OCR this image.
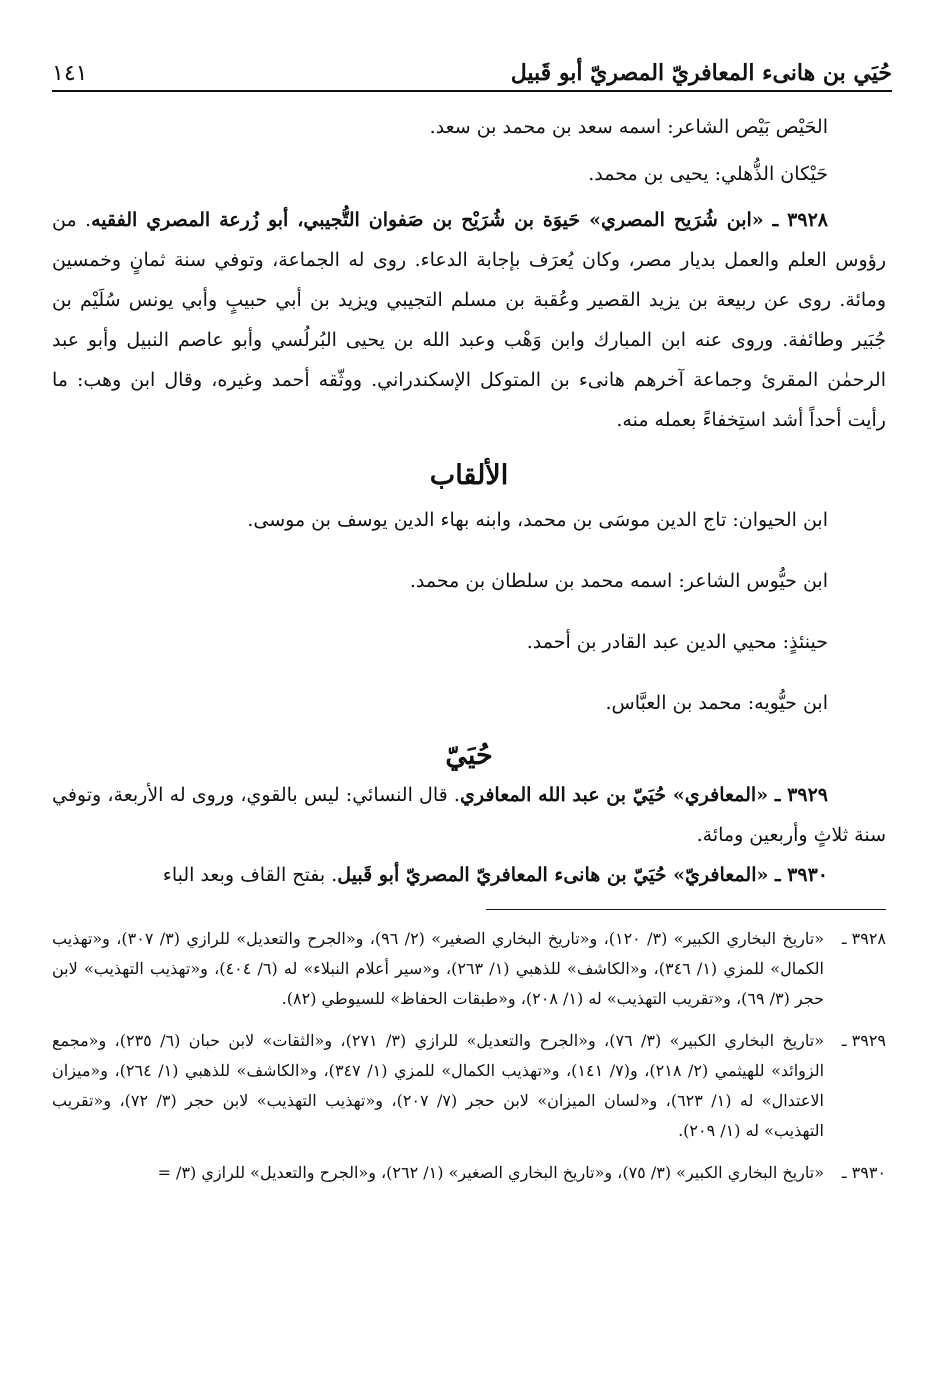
حُيَي بن هانىء المعافريّ المصريّ أبو قَبيل
١٤١

الحَيْص بَيْص الشاعر: اسمه سعد بن محمد بن سعد.

حَيْكان الذُّهلي: يحيى بن محمد.

٣٩٢٨ ـ «ابن شُرَيح المصري» حَيوَة بن شُرَيْح بن صَفوان التُّجيبي، أبو زُرعة المصري الفقيه. من رؤوس العلم والعمل بديار مصر، وكان يُعرَف بإجابة الدعاء. روى له الجماعة، وتوفي سنة ثمانٍ وخمسين ومائة. روى عن ربيعة بن يزيد القصير وعُقبة بن مسلم التجيبي ويزيد بن أبي حبيبٍ وأبي يونس سُلَيْم بن جُبَير وطائفة. وروى عنه ابن المبارك وابن وَهْب وعبد الله بن يحيى البُرلُسي وأبو عاصم النبيل وأبو عبد الرحمٰن المقرئ وجماعة آخرهم هانىء بن المتوكل الإسكندراني. ووثّقه أحمد وغيره، وقال ابن وهب: ما رأيت أحداً أشد استِخفاءً بعمله منه.

الألقاب

ابن الحيوان: تاج الدين موسَى بن محمد، وابنه بهاء الدين يوسف بن موسى.

ابن حيُّوس الشاعر: اسمه محمد بن سلطان بن محمد.

حينئذٍ: محيي الدين عبد القادر بن أحمد.

ابن حيُّويه: محمد بن العبَّاس.

حُيَيّ

٣٩٢٩ ـ «المعافري» حُيَيّ بن عبد الله المعافري. قال النسائي: ليس بالقوي، وروى له الأربعة، وتوفي سنة ثلاثٍ وأربعين ومائة.

٣٩٣٠ ـ «المعافريّ» حُيَيّ بن هانىء المعافريّ المصريّ أبو قَبيل. بفتح القاف وبعد الباء

٣٩٢٨ ـ
«تاريخ البخاري الكبير» (٣/ ١٢٠)، و«تاريخ البخاري الصغير» (٢/ ٩٦)، و«الجرح والتعديل» للرازي (٣/ ٣٠٧)، و«تهذيب الكمال» للمزي (١/ ٣٤٦)، و«الكاشف» للذهبي (١/ ٢٦٣)، و«سير أعلام النبلاء» له (٦/ ٤٠٤)، و«تهذيب التهذيب» لابن حجر (٣/ ٦٩)، و«تقريب التهذيب» له (١/ ٢٠٨)، و«طبقات الحفاظ» للسيوطي (٨٢).
٣٩٢٩ ـ
«تاريخ البخاري الكبير» (٣/ ٧٦)، و«الجرح والتعديل» للرازي (٣/ ٢٧١)، و«الثقات» لابن حبان (٦/ ٢٣٥)، و«مجمع الزوائد» للهيثمي (٢/ ٢١٨)، و(٧/ ١٤١)، و«تهذيب الكمال» للمزي (١/ ٣٤٧)، و«الكاشف» للذهبي (١/ ٢٦٤)، و«ميزان الاعتدال» له (١/ ٦٢٣)، و«لسان الميزان» لابن حجر (٧/ ٢٠٧)، و«تهذيب التهذيب» لابن حجر (٣/ ٧٢)، و«تقريب التهذيب» له (١/ ٢٠٩).
٣٩٣٠ ـ
«تاريخ البخاري الكبير» (٣/ ٧٥)، و«تاريخ البخاري الصغير» (١/ ٢٦٢)، و«الجرح والتعديل» للرازي (٣/ =
